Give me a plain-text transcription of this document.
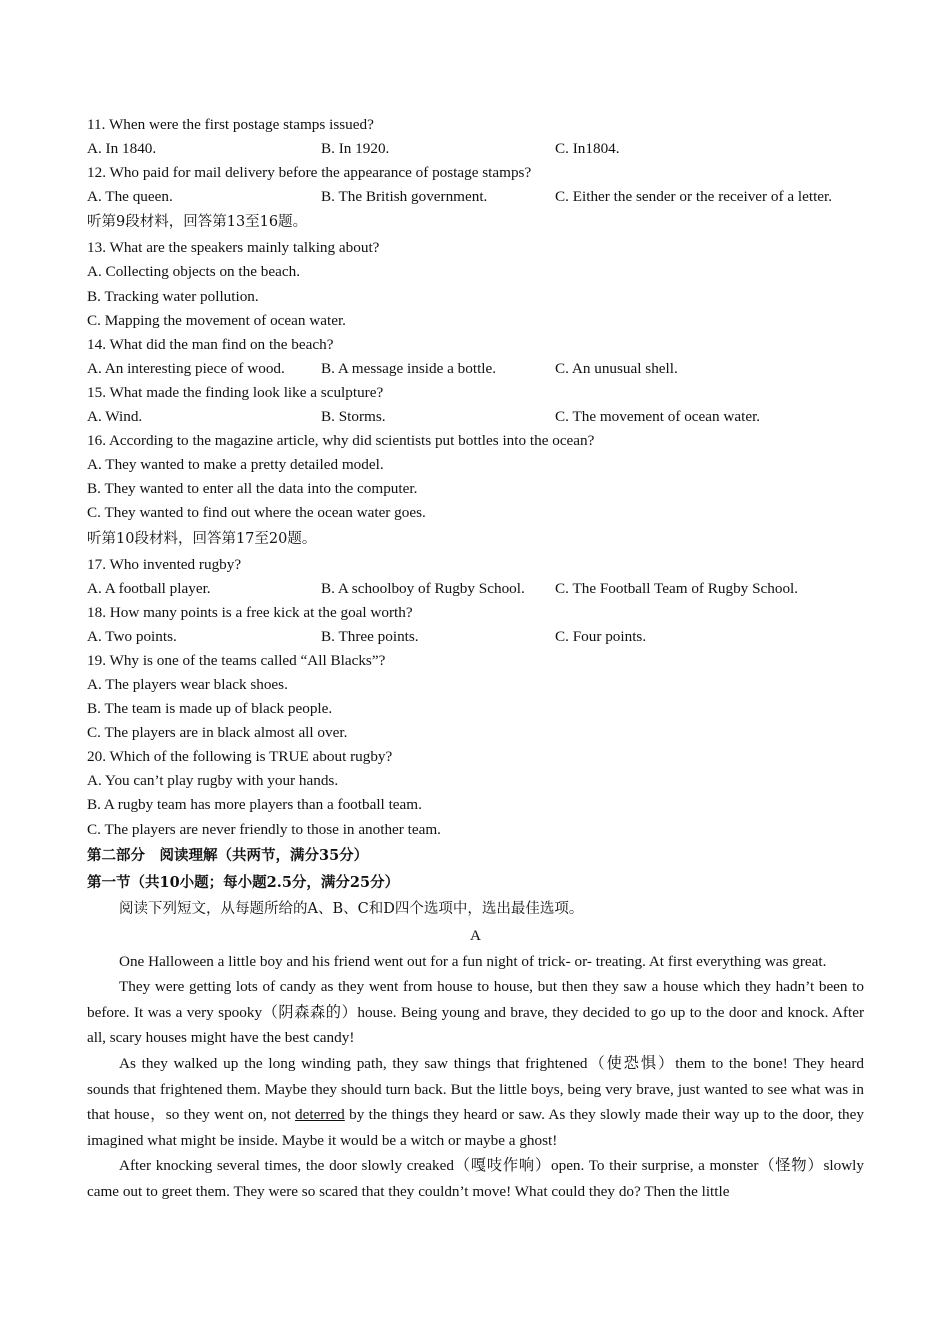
11. When were the first postage stamps issued?
A. In 1840.	B. In 1920.	C. In1804.
12. Who paid for mail delivery before the appearance of postage stamps?
A. The queen.	B. The British government.	C. Either the sender or the receiver of a letter.
听第9段材料，回答第13至16题。
13. What are the speakers mainly talking about?
A. Collecting objects on the beach.
B. Tracking water pollution.
C. Mapping the movement of ocean water.
14. What did the man find on the beach?
A. An interesting piece of wood. B. A message inside a bottle.	C. An unusual shell.
15. What made the finding look like a sculpture?
A. Wind.	B. Storms.	C. The movement of ocean water.
16. According to the magazine article, why did scientists put bottles into the ocean?
A. They wanted to make a pretty detailed model.
B. They wanted to enter all the data into the computer.
C. They wanted to find out where the ocean water goes.
听第10段材料，回答第17至20题。
17. Who invented rugby?
A. A football player.	B. A schoolboy of Rugby School. C. The Football Team of Rugby School.
18. How many points is a free kick at the goal worth?
A. Two points.	B. Three points.	C. Four points.
19. Why is one of the teams called “All Blacks”?
A. The players wear black shoes.
B. The team is made up of black people.
C. The players are in black almost all over.
20. Which of the following is TRUE about rugby?
A. You can’t play rugby with your hands.
B. A rugby team has more players than a football team.
C. The players are never friendly to those in another team.
第二部分　阅读理解（共两节，满分35分）
第一节（共10小题；每小题2.5分，满分25分）
阅读下列短文，从每题所给的A、B、C和D四个选项中，选出最佳选项。
A

One Halloween a little boy and his friend went out for a fun night of trick- or- treating. At first everything was great.

They were getting lots of candy as they went from house to house, but then they saw a house which they hadn’t been to before. It was a very spooky（阴森森的）house. Being young and brave, they decided to go up to the door and knock. After all, scary houses might have the best candy!

As they walked up the long winding path, they saw things that frightened（使恐惧）them to the bone! They heard sounds that frightened them. Maybe they should turn back. But the little boys, being very brave, just wanted to see what was in that house，so they went on, not deterred by the things they heard or saw. As they slowly made their way up to the door, they imagined what might be inside. Maybe it would be a witch or maybe a ghost!

After knocking several times, the door slowly creaked（嘎吱作响）open. To their surprise, a monster（怪物）slowly came out to greet them. They were so scared that they couldn’t move! What could they do? Then the little
